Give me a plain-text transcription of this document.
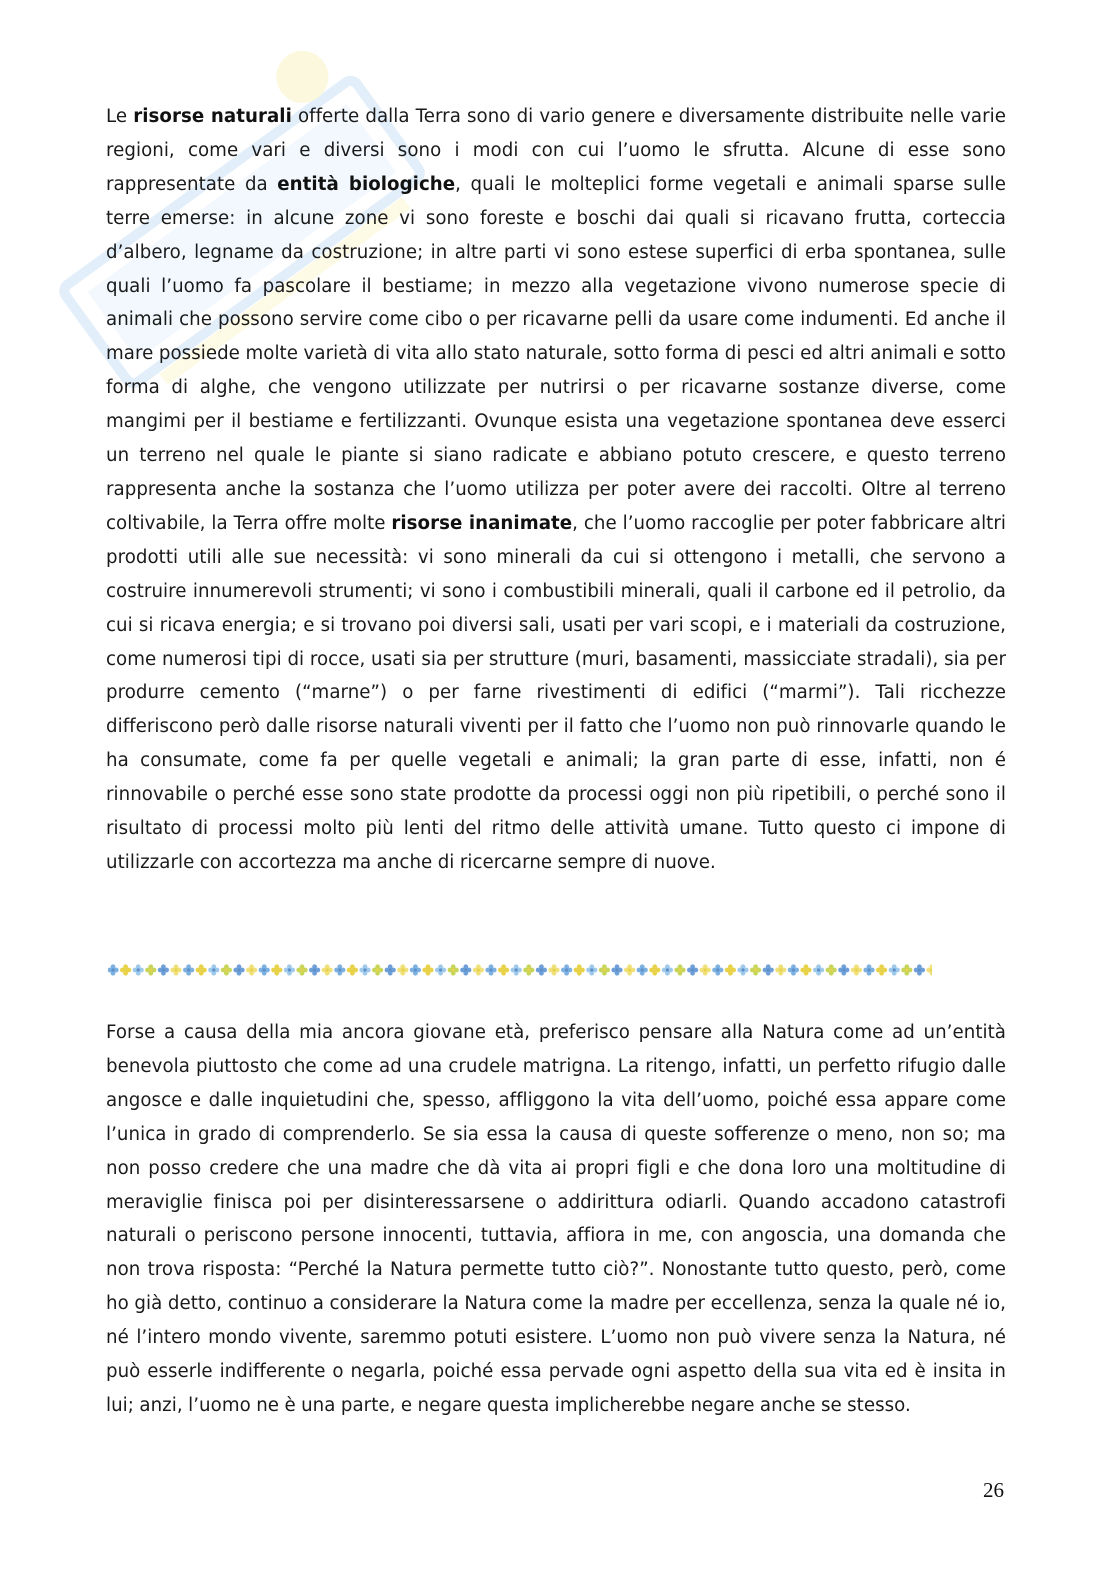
Le risorse naturali offerte dalla Terra sono di vario genere e diversamente distribuite nelle varie regioni, come vari e diversi sono i modi con cui l’uomo le sfrutta. Alcune di esse sono rappresentate da entità biologiche, quali le molteplici forme vegetali e animali sparse sulle terre emerse: in alcune zone vi sono foreste e boschi dai quali si ricavano frutta, corteccia d’albero, legname da costruzione; in altre parti vi sono estese superfici di erba spontanea, sulle quali l’uomo fa pascolare il bestiame; in mezzo alla vegetazione vivono numerose specie di animali che possono servire come cibo o per ricavarne pelli da usare come indumenti. Ed anche il mare possiede molte varietà di vita allo stato naturale, sotto forma di pesci ed altri animali e sotto forma di alghe, che vengono utilizzate per nutrirsi o per ricavarne sostanze diverse, come mangimi per il bestiame e fertilizzanti. Ovunque esista una vegetazione spontanea deve esserci un terreno nel quale le piante si siano radicate e abbiano potuto crescere, e questo terreno rappresenta anche la sostanza che l’uomo utilizza per poter avere dei raccolti. Oltre al terreno coltivabile, la Terra offre molte risorse inanimate, che l’uomo raccoglie per poter fabbricare altri prodotti utili alle sue necessità: vi sono minerali da cui si ottengono i metalli, che servono a costruire innumerevoli strumenti; vi sono i combustibili minerali, quali il carbone ed il petrolio, da cui si ricava energia; e si trovano poi diversi sali, usati per vari scopi, e i materiali da costruzione, come numerosi tipi di rocce, usati sia per strutture (muri, basamenti, massicciate stradali), sia per produrre cemento (“marne”) o per farne rivestimenti di edifici (“marmi”). Tali ricchezze differiscono però dalle risorse naturali viventi per il fatto che l’uomo non può rinnovarle quando le ha consumate, come fa per quelle vegetali e animali; la gran parte di esse, infatti, non é rinnovabile o perché esse sono state prodotte da processi oggi non più ripetibili, o perché sono il risultato di processi molto più lenti del ritmo delle attività umane. Tutto questo ci impone di utilizzarle con accortezza ma anche di ricercarne sempre di nuove.

Forse a causa della mia ancora giovane età, preferisco pensare alla Natura come ad un’entità benevola piuttosto che come ad una crudele matrigna. La ritengo, infatti, un perfetto rifugio dalle angosce e dalle inquietudini che, spesso, affliggono la vita dell’uomo, poiché essa appare come l’unica in grado di comprenderlo. Se sia essa la causa di queste sofferenze o meno, non so; ma non posso credere che una madre che dà vita ai propri figli e che dona loro una moltitudine di meraviglie finisca poi per disinteressarsene o addirittura odiarli. Quando accadono catastrofi naturali o periscono persone innocenti, tuttavia, affiora in me, con angoscia, una domanda che non trova risposta: “Perché la Natura permette tutto ciò?”. Nonostante tutto questo, però, come ho già detto, continuo a considerare la Natura come la madre per eccellenza, senza la quale né io, né l’intero mondo vivente, saremmo potuti esistere. L’uomo non può vivere senza la Natura, né può esserle indifferente o negarla, poiché essa pervade ogni aspetto della sua vita ed è insita in lui; anzi, l’uomo ne è una parte, e negare questa implicherebbe negare anche se stesso.

26
